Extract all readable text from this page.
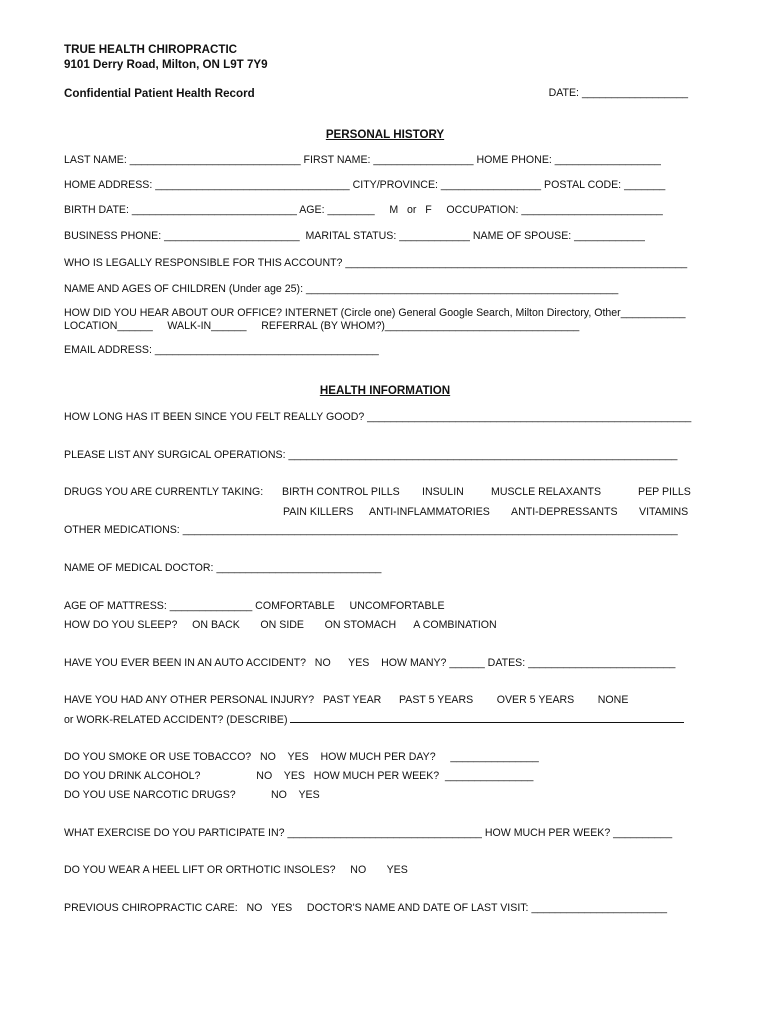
TRUE HEALTH CHIROPRACTIC
9101 Derry Road, Milton, ON L9T 7Y9
Confidential Patient Health Record	DATE: __________________
PERSONAL HISTORY
LAST NAME: _____________________________ FIRST NAME: _________________ HOME PHONE: __________________
HOME ADDRESS: _________________________________ CITY/PROVINCE: _________________ POSTAL CODE: _______
BIRTH DATE: ____________________________ AGE: ________     M   or   F     OCCUPATION: ________________________
BUSINESS PHONE: _______________________  MARITAL STATUS: ____________ NAME OF SPOUSE: ____________
WHO IS LEGALLY RESPONSIBLE FOR THIS ACCOUNT? __________________________________________________________
NAME AND AGES OF CHILDREN (Under age 25): _____________________________________________________
HOW DID YOU HEAR ABOUT OUR OFFICE? INTERNET (Circle one) General Google Search, Milton Directory, Other___________
LOCATION______     WALK-IN______     REFERRAL (BY WHOM?)_________________________________
EMAIL ADDRESS: ______________________________________
HEALTH INFORMATION
HOW LONG HAS IT BEEN SINCE YOU FELT REALLY GOOD? _______________________________________________________
PLEASE LIST ANY SURGICAL OPERATIONS: __________________________________________________________________
DRUGS YOU ARE CURRENTLY TAKING: BIRTH CONTROL PILLS INSULIN	MUSCLE RELAXANTS	PEP PILLS
PAIN KILLERS ANTI-INFLAMMATORIES ANTI-DEPRESSANTS VITAMINS
OTHER MEDICATIONS: ____________________________________________________________________________________
NAME OF MEDICAL DOCTOR: ____________________________
AGE OF MATTRESS: ______________ COMFORTABLE     UNCOMFORTABLE
HOW DO YOU SLEEP?     ON BACK       ON SIDE       ON STOMACH      A COMBINATION
HAVE YOU EVER BEEN IN AN AUTO ACCIDENT?   NO      YES    HOW MANY? ______ DATES: _________________________
HAVE YOU HAD ANY OTHER PERSONAL INJURY?   PAST YEAR      PAST 5 YEARS        OVER 5 YEARS        NONE
or WORK-RELATED ACCIDENT? (DESCRIBE)
DO YOU SMOKE OR USE TOBACCO?   NO    YES    HOW MUCH PER DAY?     _______________
DO YOU DRINK ALCOHOL?                   NO    YES   HOW MUCH PER WEEK?  _______________
DO YOU USE NARCOTIC DRUGS?            NO    YES
WHAT EXERCISE DO YOU PARTICIPATE IN? _________________________________ HOW MUCH PER WEEK? __________
DO YOU WEAR A HEEL LIFT OR ORTHOTIC INSOLES?     NO       YES
PREVIOUS CHIROPRACTIC CARE:   NO   YES     DOCTOR'S NAME AND DATE OF LAST VISIT: _______________________
